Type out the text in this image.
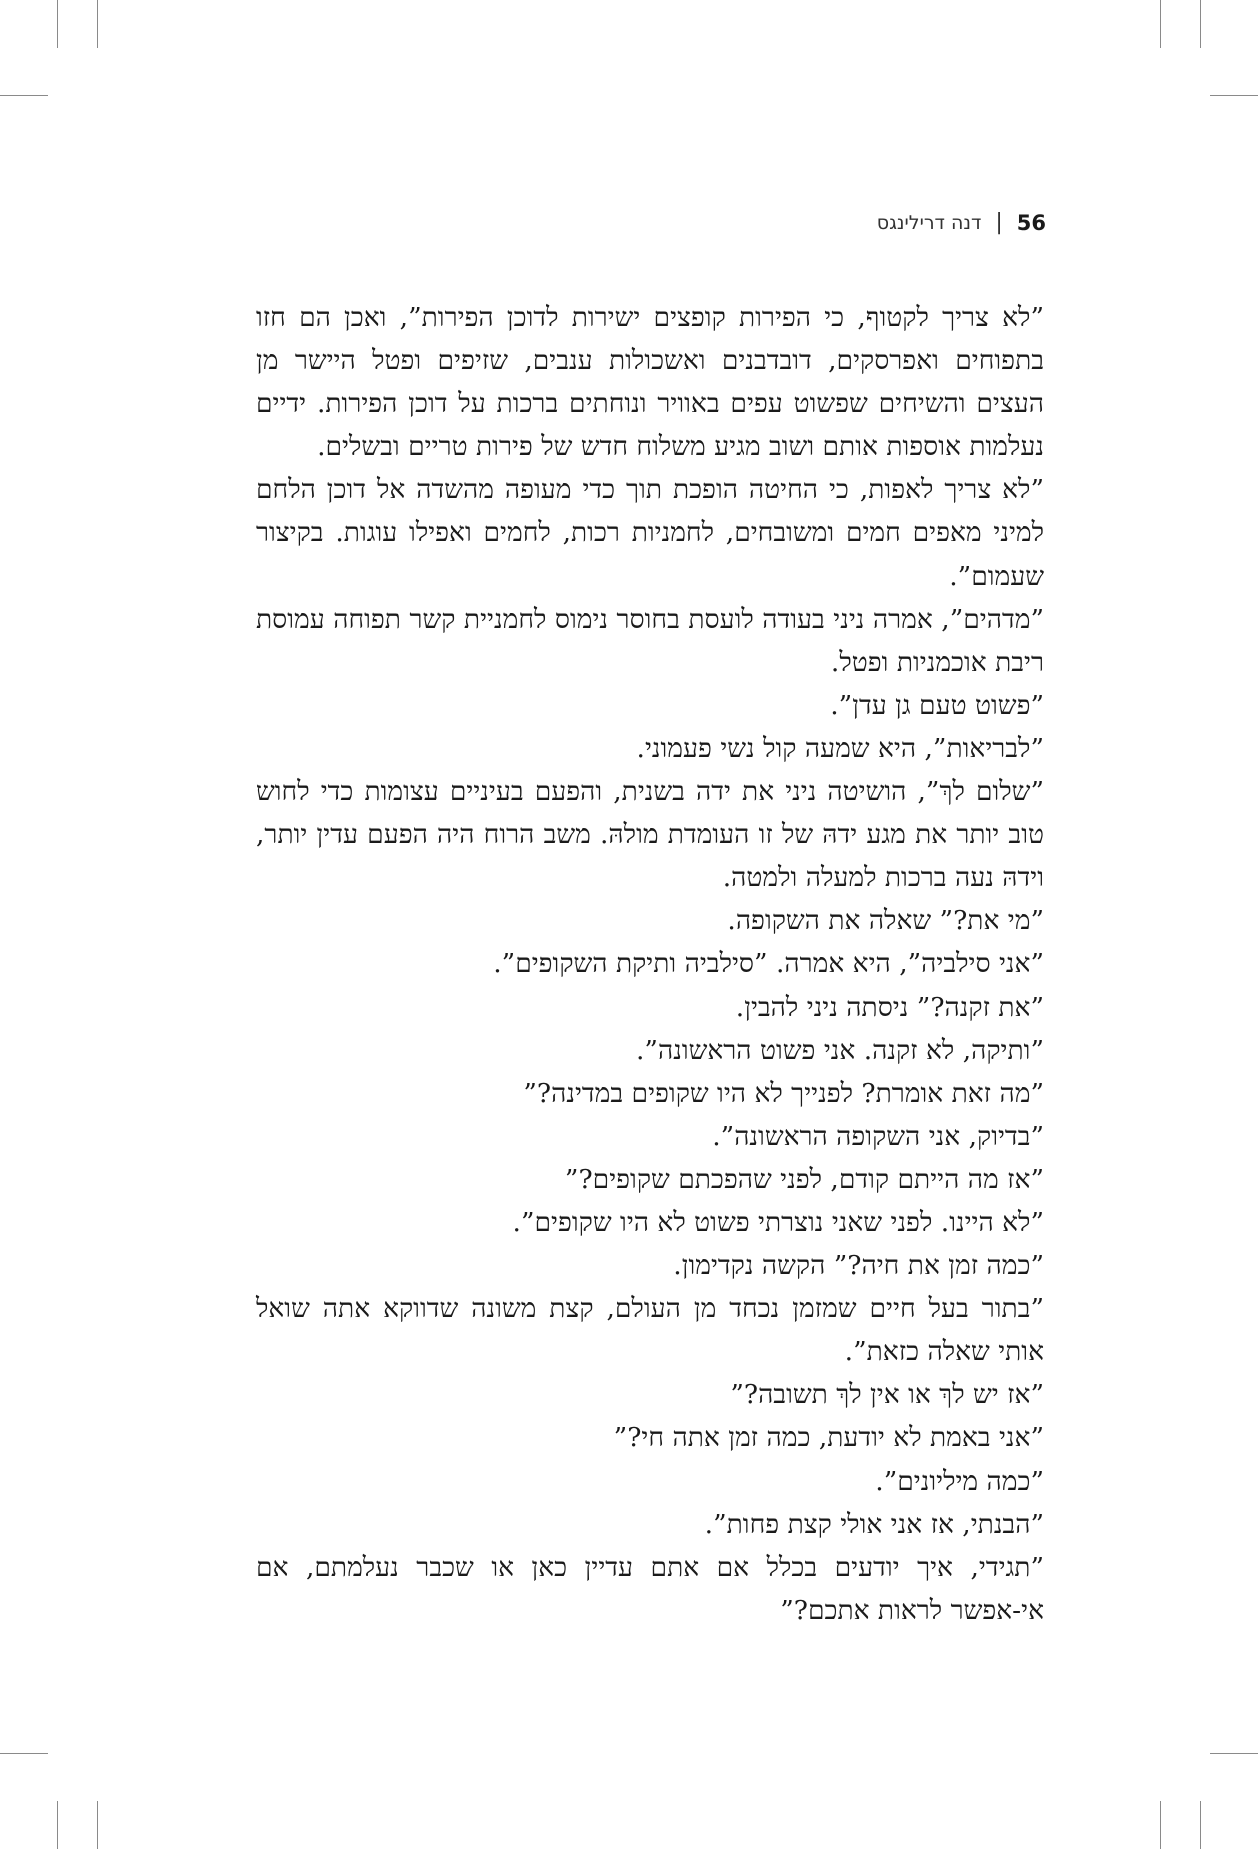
56
|
דנה דרילינגס

”לא צריך לקטוף, כי הפירות קופצים ישירות לדוכן הפירות”, ואכן הם חזו בתפוחים ואפרסקים, דובדבנים ואשכולות ענבים, שזיפים ופטל היישר מן העצים והשיחים שפשוט עפים באוויר ונוחתים ברכות על דוכן הפירות. ידיים נעלמות אוספות אותם ושוב מגיע משלוח חדש של פירות טריים ובשלים.

”לא צריך לאפות, כי החיטה הופכת תוך כדי מעופה מהשדה אל דוכן הלחם למיני מאפים חמים ומשובחים, לחמניות רכות, לחמים ואפילו עוגות. בקיצור שעמום”.

”מדהים”, אמרה ניני בעודה לועסת בחוסר נימוס לחמניית קשר תפוחה עמוסת ריבת אוכמניות ופטל.

”פשוט טעם גן עדן”.

”לבריאות”, היא שמעה קול נשי פעמוני.

”שלום לךְ”, הושיטה ניני את ידה בשנית, והפעם בעיניים עצומות כדי לחוש טוב יותר את מגע ידהּ של זו העומדת מולהּ. משב הרוח היה הפעם עדין יותר, וידהּ נעה ברכות למעלה ולמטה.

”מי את?” שאלה את השקופה.

”אני סילביה”, היא אמרה. ”סילביה ותיקת השקופים”.

”את זקנה?” ניסתה ניני להבין.

”ותיקה, לא זקנה. אני פשוט הראשונה”.

”מה זאת אומרת? לפנייך לא היו שקופים במדינה?”

”בדיוק, אני השקופה הראשונה”.

”אז מה הייתם קודם, לפני שהפכתם שקופים?”

”לא היינו. לפני שאני נוצרתי פשוט לא היו שקופים”.

”כמה זמן את חיה?” הקשה נקדימון.

”בתור בעל חיים שמזמן נכחד מן העולם, קצת משונה שדווקא אתה שואל אותי שאלה כזאת”.

”אז יש לךְ או אין לךְ תשובה?”

”אני באמת לא יודעת, כמה זמן אתה חי?”

”כמה מיליונים”.

”הבנתי, אז אני אולי קצת פחות”.

”תגידי, איך יודעים בכלל אם אתם עדיין כאן או שכבר נעלמתם, אם אי-אפשר לראות אתכם?”
